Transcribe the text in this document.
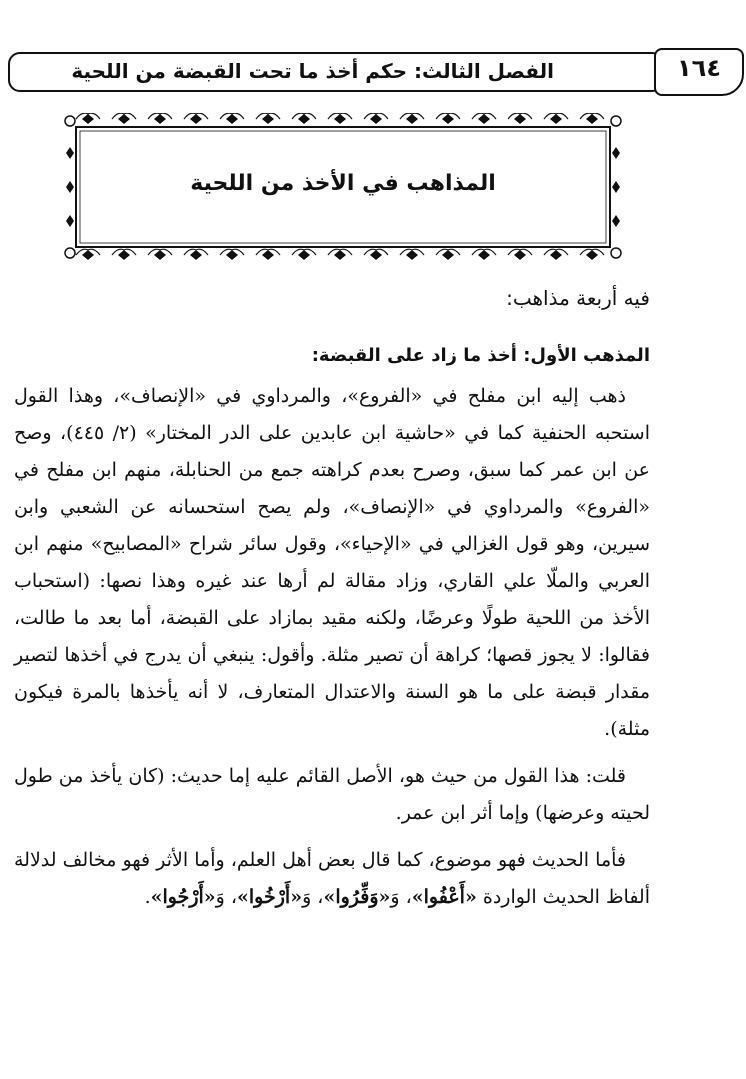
الفصل الثالث: حكم أخذ ما تحت القبضة من اللحية	١٦٤
المذاهب في الأخذ من اللحية

فيه أربعة مذاهب:

المذهب الأول: أخذ ما زاد على القبضة:

ذهب إليه ابن مفلح في «الفروع»، والمرداوي في «الإنصاف»، وهذا القول استحبه الحنفية كما في «حاشية ابن عابدين على الدر المختار» (٢/ ٤٤٥)، وصح عن ابن عمر كما سبق، وصرح بعدم كراهته جمع من الحنابلة، منهم ابن مفلح في «الفروع» والمرداوي في «الإنصاف»، ولم يصح استحسانه عن الشعبي وابن سيرين، وهو قول الغزالي في «الإحياء»، وقول سائر شراح «المصابيح» منهم ابن العربي والملّا علي القاري، وزاد مقالة لم أرها عند غيره وهذا نصها: (استحباب الأخذ من اللحية طولًا وعرضًا، ولكنه مقيد بمازاد على القبضة، أما بعد ما طالت، فقالوا: لا يجوز قصها؛ كراهة أن تصير مثلة. وأقول: ينبغي أن يدرج في أخذها لتصير مقدار قبضة على ما هو السنة والاعتدال المتعارف، لا أنه يأخذها بالمرة فيكون مثلة).

قلت: هذا القول من حيث هو، الأصل القائم عليه إما حديث: (كان يأخذ من طول لحيته وعرضها) وإما أثر ابن عمر.

فأما الحديث فهو موضوع، كما قال بعض أهل العلم، وأما الأثر فهو مخالف لدلالة ألفاظ الحديث الواردة «أَعْفُوا»، وَ«وَفِّرُوا»، وَ«أَرْخُوا»، وَ«أَرْجُوا».
